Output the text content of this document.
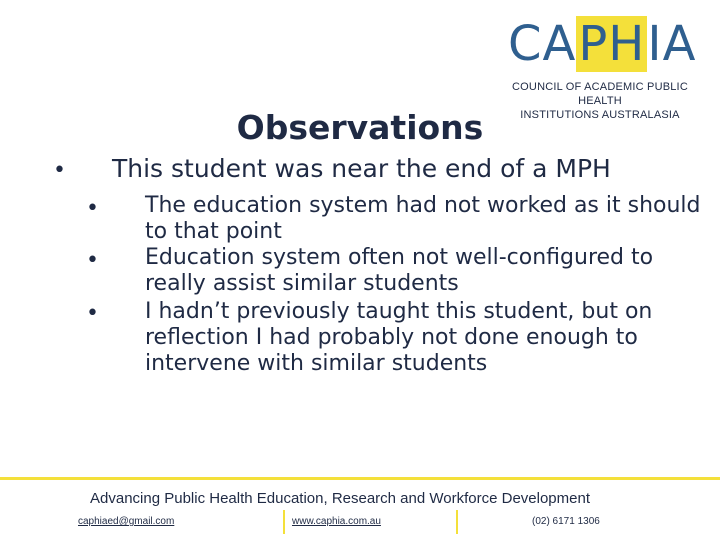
CAPHIA
COUNCIL OF ACADEMIC PUBLIC HEALTH
INSTITUTIONS AUSTRALASIA
Observations
• This student was near the end of a MPH
• The education system had not worked as it should to that point
• Education system often not well-configured to really assist similar students
• I hadn’t previously taught this student, but on reflection I had probably not done enough to intervene with similar students
Advancing Public Health Education, Research and Workforce Development
caphiaed@gmail.com	www.caphia.com.au	(02) 6171 1306
